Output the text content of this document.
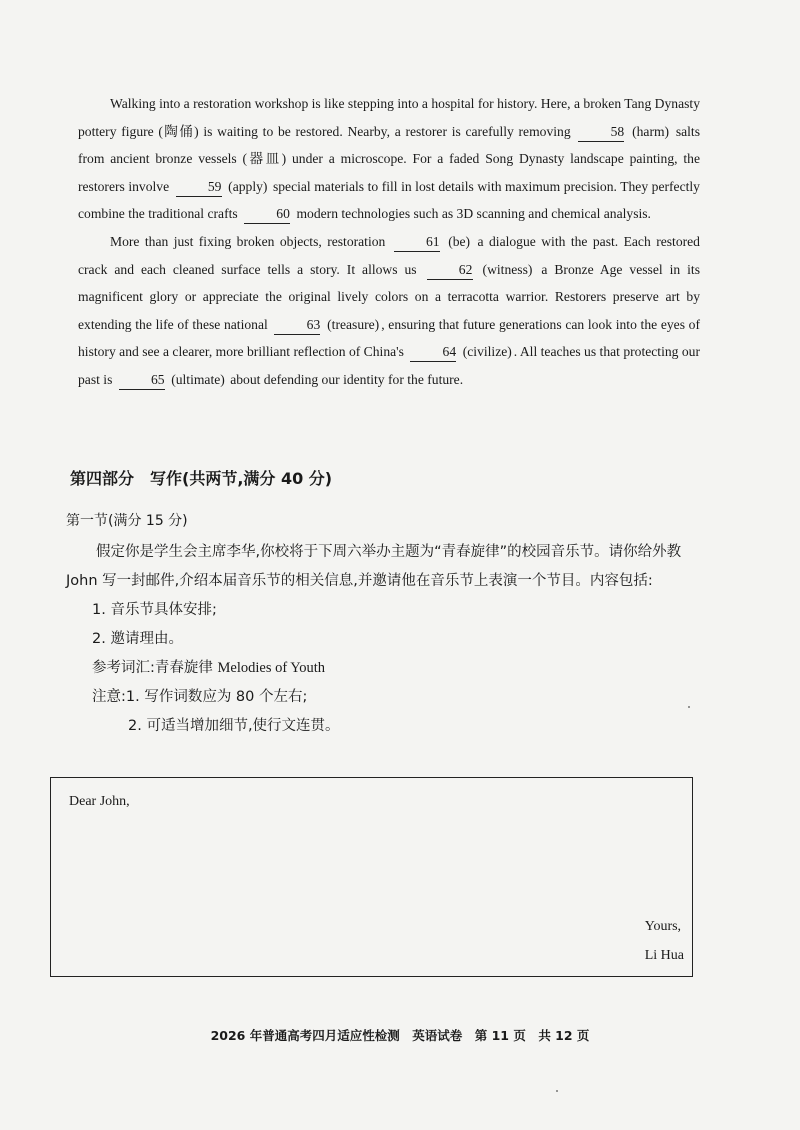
Walking into a restoration workshop is like stepping into a hospital for history. Here, a broken Tang Dynasty pottery figure (陶俑) is waiting to be restored. Nearby, a restorer is carefully removing	58 (harm) salts from ancient bronze vessels (器皿) under a microscope. For a faded Song Dynasty landscape painting, the restorers involve	59 (apply) special materials to fill in lost details with maximum precision. They perfectly combine the traditional crafts	60 modern technologies such as 3D scanning and chemical analysis.

More than just fixing broken objects, restoration	61 (be) a dialogue with the past. Each restored crack and each cleaned surface tells a story. It allows us	62 (witness) a Bronze Age vessel in its magnificent glory or appreciate the original lively colors on a terracotta warrior. Restorers preserve art by extending the life of these national	63 (treasure) , ensuring that future generations can look into the eyes of history and see a clearer, more brilliant reflection of China's	64 (civilize) . All teaches us that protecting our past is	65 (ultimate) about defending our identity for the future.

第四部分　写作(共两节,满分 40 分)
第一节(满分 15 分)

假定你是学生会主席李华,你校将于下周六举办主题为“青春旋律”的校园音乐节。请你给外教 John 写一封邮件,介绍本届音乐节的相关信息,并邀请他在音乐节上表演一个节目。内容包括:

1. 音乐节具体安排;

2. 邀请理由。

参考词汇:青春旋律 Melodies of Youth

注意:1. 写作词数应为 80 个左右;

2. 可适当增加细节,使行文连贯。

Dear John,
Yours,
Li Hua
2026 年普通高考四月适应性检测　英语试卷　第 11 页　共 12 页
